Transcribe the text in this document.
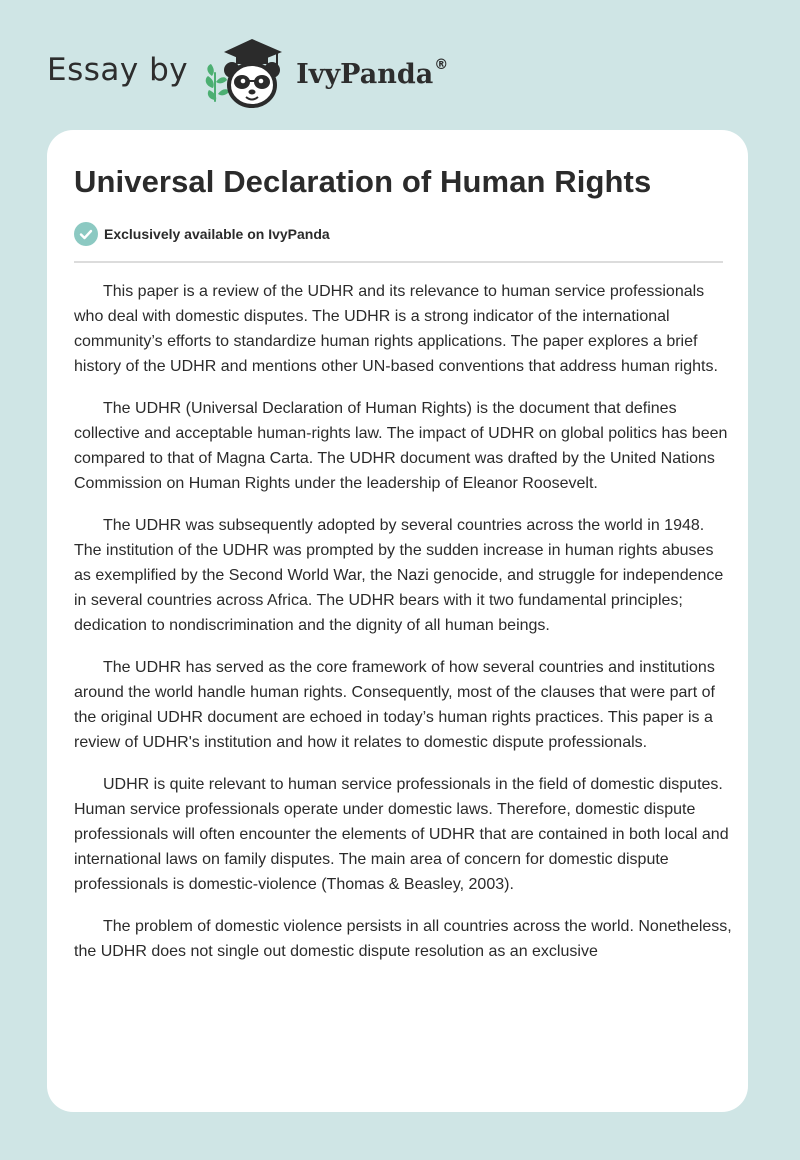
Essay by	IvyPanda®
Universal Declaration of Human Rights
Exclusively available on IvyPanda

This paper is a review of the UDHR and its relevance to human service professionals who deal with domestic disputes. The UDHR is a strong indicator of the international community’s efforts to standardize human rights applications. The paper explores a brief history of the UDHR and mentions other UN-based conventions that address human rights.

The UDHR (Universal Declaration of Human Rights) is the document that defines collective and acceptable human-rights law. The impact of UDHR on global politics has been compared to that of Magna Carta. The UDHR document was drafted by the United Nations Commission on Human Rights under the leadership of Eleanor Roosevelt.

The UDHR was subsequently adopted by several countries across the world in 1948. The institution of the UDHR was prompted by the sudden increase in human rights abuses as exemplified by the Second World War, the Nazi genocide, and struggle for independence in several countries across Africa. The UDHR bears with it two fundamental principles; dedication to nondiscrimination and the dignity of all human beings.

The UDHR has served as the core framework of how several countries and institutions around the world handle human rights. Consequently, most of the clauses that were part of the original UDHR document are echoed in today’s human rights practices. This paper is a review of UDHR's institution and how it relates to domestic dispute professionals.

UDHR is quite relevant to human service professionals in the field of domestic disputes. Human service professionals operate under domestic laws. Therefore, domestic dispute professionals will often encounter the elements of UDHR that are contained in both local and international laws on family disputes. The main area of concern for domestic dispute professionals is domestic-violence (Thomas & Beasley, 2003).

The problem of domestic violence persists in all countries across the world. Nonetheless, the UDHR does not single out domestic dispute resolution as an exclusive
